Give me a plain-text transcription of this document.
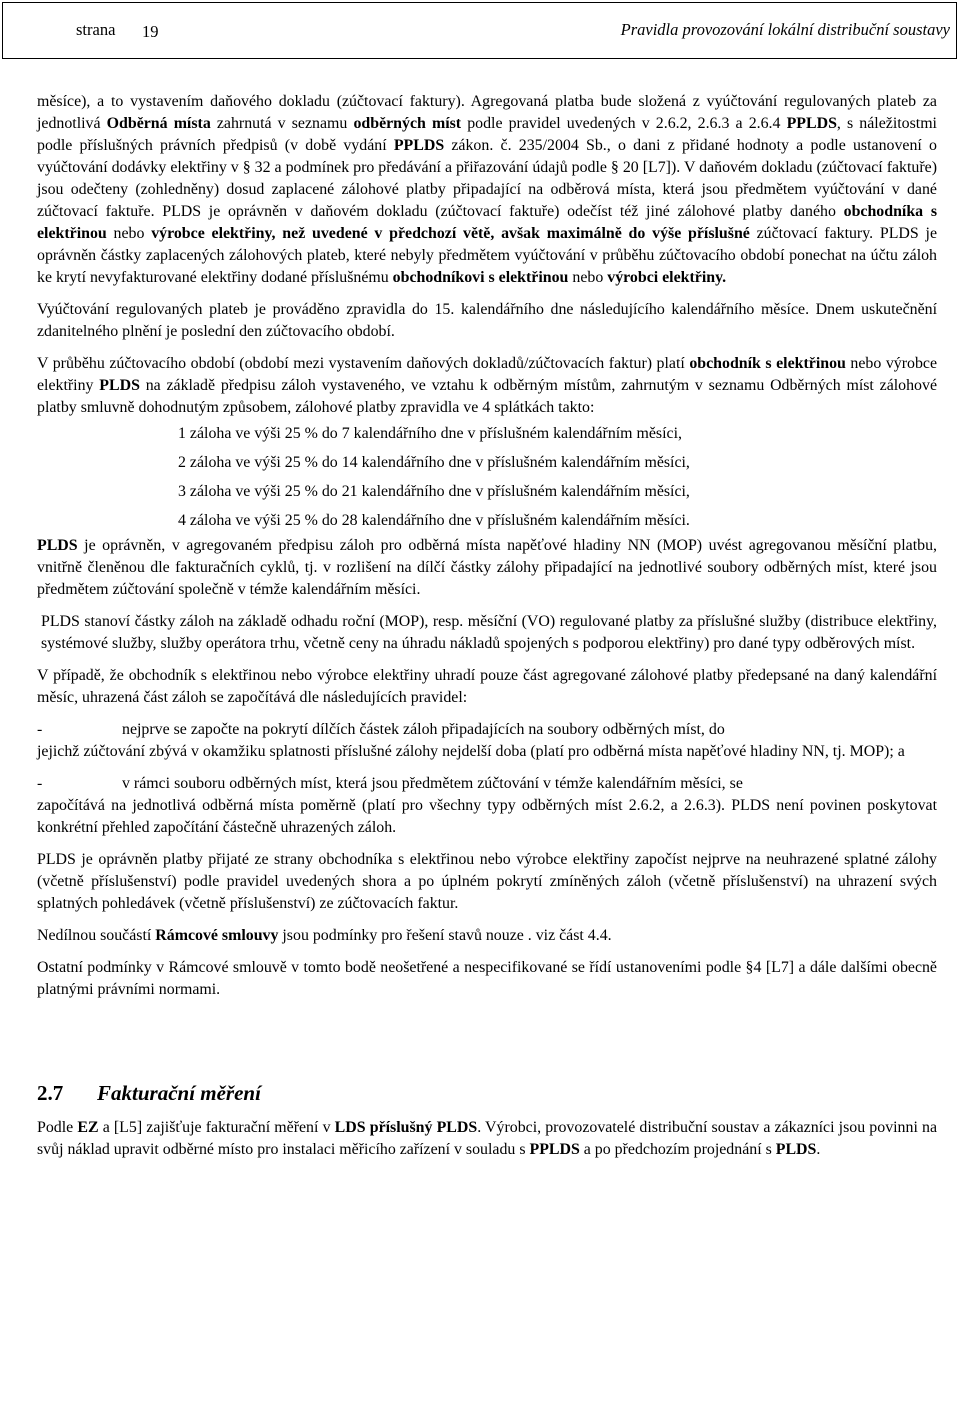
strana 19	Pravidla provozování lokální distribuční soustavy

měsíce), a to vystavením daňového dokladu (zúčtovací faktury). Agregovaná platba bude složená z vyúčtování regulovaných plateb za jednotlivá Odběrná místa zahrnutá v seznamu odběrných míst podle pravidel uvedených v 2.6.2, 2.6.3 a 2.6.4 PPLDS, s náležitostmi podle příslušných právních předpisů (v době vydání PPLDS zákon. č. 235/2004 Sb., o dani z přidané hodnoty a podle ustanovení o vyúčtování dodávky elektřiny v § 32 a podmínek pro předávání a přiřazování údajů podle § 20 [L7]). V daňovém dokladu (zúčtovací faktuře) jsou odečteny (zohledněny) dosud zaplacené zálohové platby připadající na odběrová místa, která jsou předmětem vyúčtování v dané zúčtovací faktuře. PLDS je oprávněn v daňovém dokladu (zúčtovací faktuře) odečíst též jiné zálohové platby daného obchodníka s elektřinou nebo výrobce elektřiny, než uvedené v předchozí větě, avšak maximálně do výše příslušné zúčtovací faktury. PLDS je oprávněn částky zaplacených zálohových plateb, které nebyly předmětem vyúčtování v průběhu zúčtovacího období ponechat na účtu záloh ke krytí nevyfakturované elektřiny dodané příslušnému obchodníkovi s elektřinou nebo výrobci elektřiny.

Vyúčtování regulovaných plateb je prováděno zpravidla do 15. kalendářního dne následujícího kalendářního měsíce. Dnem uskutečnění zdanitelného plnění je poslední den zúčtovacího období.

V průběhu zúčtovacího období (období mezi vystavením daňových dokladů/zúčtovacích faktur) platí obchodník s elektřinou nebo výrobce elektřiny PLDS na základě předpisu záloh vystaveného, ve vztahu k odběrným místům, zahrnutým v seznamu Odběrných míst zálohové platby smluvně dohodnutým způsobem, zálohové platby zpravidla ve 4 splátkách takto:

1 záloha ve výši 25 % do 7 kalendářního dne v příslušném kalendářním měsíci,
2 záloha ve výši 25 % do 14 kalendářního dne v příslušném kalendářním měsíci,
3 záloha ve výši 25 % do 21 kalendářního dne v příslušném kalendářním měsíci,
4 záloha ve výši 25 % do 28 kalendářního dne v příslušném kalendářním měsíci.

PLDS je oprávněn, v agregovaném předpisu záloh pro odběrná místa napěťové hladiny NN (MOP) uvést agregovanou měsíční platbu, vnitřně členěnou dle fakturačních cyklů, tj. v rozlišení na dílčí částky zálohy připadající na jednotlivé soubory odběrných míst, které jsou předmětem zúčtování společně v témže kalendářním měsíci.

PLDS stanoví částky záloh na základě odhadu roční (MOP), resp. měsíční (VO) regulované platby za příslušné služby (distribuce elektřiny, systémové služby, služby operátora trhu, včetně ceny na úhradu nákladů spojených s podporou elektřiny) pro dané typy odběrových míst.

V případě, že obchodník s elektřinou nebo výrobce elektřiny uhradí pouze část agregované zálohové platby předepsané na daný kalendářní měsíc, uhrazená část záloh se započítává dle následujících pravidel:

-	nejprve se započte na pokrytí dílčích částek záloh připadajících na soubory odběrných míst, do

jejichž zúčtování zbývá v okamžiku splatnosti příslušné zálohy nejdelší doba (platí pro odběrná místa napěťové hladiny NN, tj. MOP); a

-	v rámci souboru odběrných míst, která jsou předmětem zúčtování v témže kalendářním měsíci, se

započítává na jednotlivá odběrná místa poměrně (platí pro všechny typy odběrných míst 2.6.2, a 2.6.3). PLDS není povinen poskytovat konkrétní přehled započítání částečně uhrazených záloh.

PLDS je oprávněn platby přijaté ze strany obchodníka s elektřinou nebo výrobce elektřiny započíst nejprve na neuhrazené splatné zálohy (včetně příslušenství) podle pravidel uvedených shora a po úplném pokrytí zmíněných záloh (včetně příslušenství) na uhrazení svých splatných pohledávek (včetně příslušenství) ze zúčtovacích faktur.

Nedílnou součástí Rámcové smlouvy jsou podmínky pro řešení stavů nouze . viz část 4.4.

Ostatní podmínky v Rámcové smlouvě v tomto bodě neošetřené a nespecifikované se řídí ustanoveními podle §4 [L7] a dále dalšími obecně platnými právními normami.

2.7 Fakturační měření

Podle EZ a [L5] zajišťuje fakturační měření v LDS příslušný PLDS. Výrobci, provozovatelé distribuční soustav a zákazníci jsou povinni na svůj náklad upravit odběrné místo pro instalaci měřicího zařízení v souladu s PPLDS a po předchozím projednání s PLDS.
